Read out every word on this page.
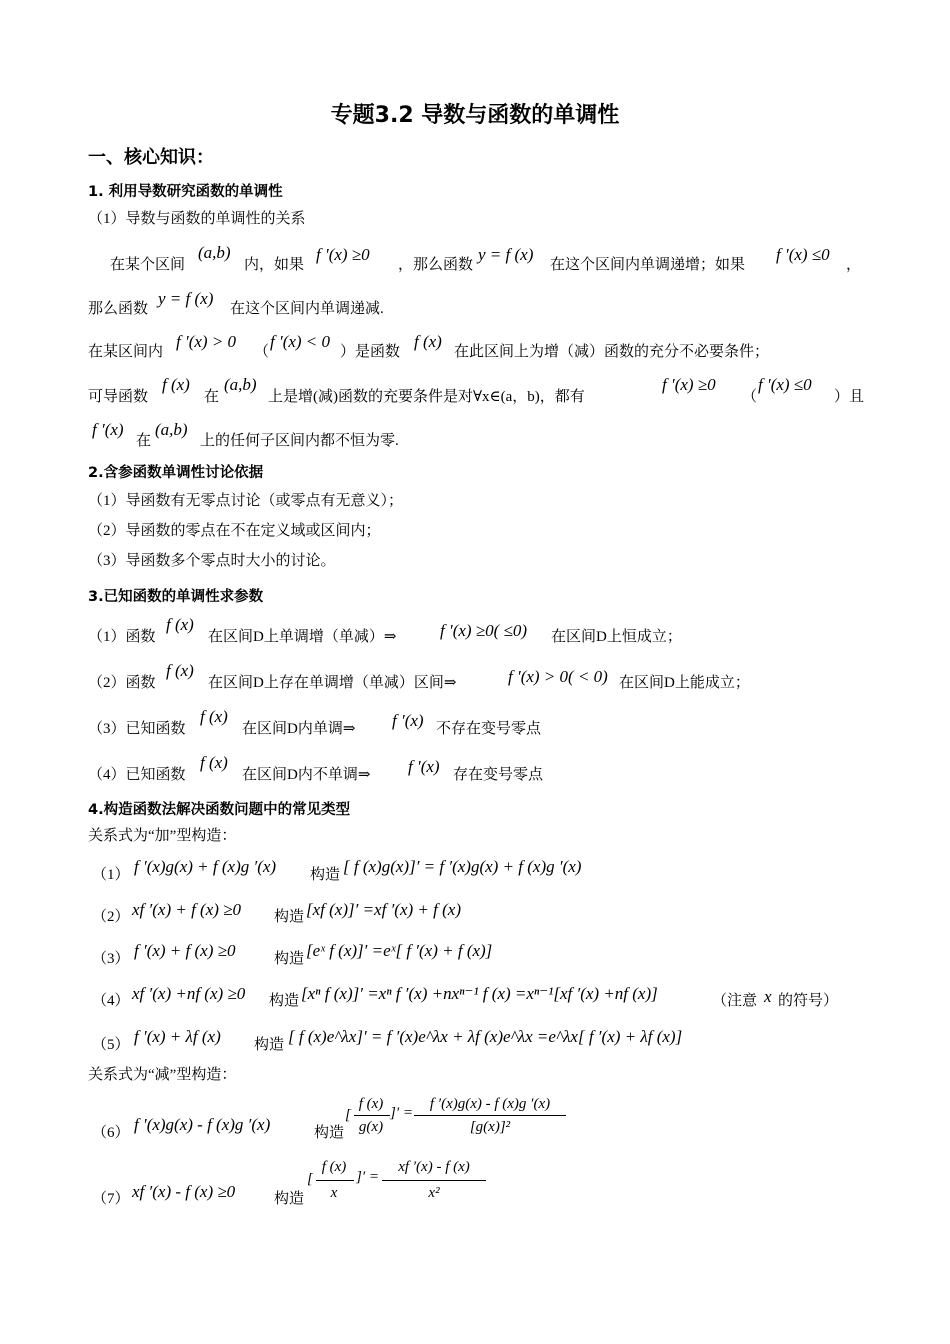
专题3.2 导数与函数的单调性
一、核心知识：
1. 利用导数研究函数的单调性
（1）导数与函数的单调性的关系
在某个区间
(a,b)
内，如果
f ′(x) ≥0
，那么函数
y = f (x)
在这个区间内单调递增；如果
f ′(x) ≤0
，
那么函数
y = f (x)
在这个区间内单调递减.
在某区间内
f ′(x) > 0
（
f ′(x) < 0
）是函数
f (x)
在此区间上为增（减）函数的充分不必要条件；
可导函数
f (x)
在
(a,b)
上是增(减)函数的充要条件是对∀x∈(a，b)，都有
f ′(x) ≥0
（
f ′(x) ≤0
）且
f ′(x)
在
(a,b)
上的任何子区间内都不恒为零.
2.含参函数单调性讨论依据
（1）导函数有无零点讨论（或零点有无意义）；
（2）导函数的零点在不在定义域或区间内；
（3）导函数多个零点时大小的讨论。
3.已知函数的单调性求参数
（1）函数
f (x)
在区间D上单调增（单减）⇒	f ′(x) ≥0( ≤0) 在区间D上恒成立；
（2）函数
f (x)
在区间D上存在单调增（单减）区间⇒	f ′(x) > 0( < 0) 在区间D上能成立；
（3）已知函数
f (x)
在区间D内单调⇒ f ′(x) 不存在变号零点
（4）已知函数
f (x)
在区间D内不单调⇒ f ′(x) 存在变号零点
4.构造函数法解决函数问题中的常见类型
关系式为“加”型构造：
（1） f ′(x)g(x) + f (x)g ′(x) 构造 [ f (x)g(x)]′ = f ′(x)g(x) + f (x)g ′(x)
（2） xf ′(x) + f (x) ≥0 构造 [xf (x)]′ =xf ′(x) + f (x)
（3） f ′(x) + f (x) ≥0	构造 [eˣ f (x)]′ =eˣ[ f ′(x) + f (x)]
（4） xf ′(x) +nf (x) ≥0 构造 [xⁿ f (x)]′ =xⁿ f ′(x) +nxⁿ⁻¹ f (x) =xⁿ⁻¹[xf ′(x) +nf (x)]	（注意 x 的符号）
（5） f ′(x) + λf (x) 构造 [ f (x)e^λx]′ = f ′(x)e^λx + λf (x)e^λx =e^λx[ f ′(x) + λf (x)]
关系式为“减”型构造：
（6） f ′(x)g(x) - f (x)g ′(x)	构造
[
f (x)
g(x)
]′ =
f ′(x)g(x) - f (x)g ′(x)
[g(x)]²
（7） xf ′(x) - f (x) ≥0	构造
[
f (x)
x
]′ =
xf ′(x) - f (x)
x²
